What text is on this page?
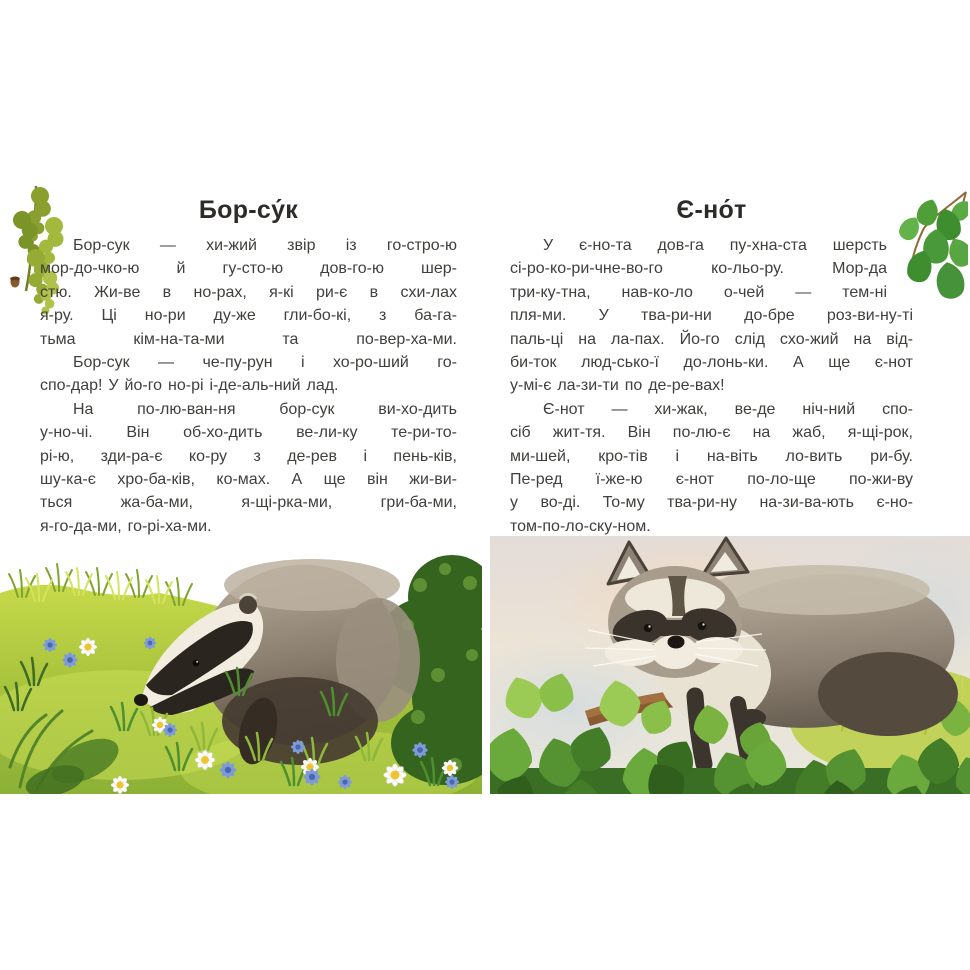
Бор-су́к
Бор-сук — хи-жий звір із го-стро-ю
мор-до-чко-ю й гу-сто-ю дов-го-ю шер-
стю. Жи-ве в но-рах, я-кі ри-є в схи-лах
я-ру. Ці но-ри ду-же гли-бо-кі, з ба-га-
тьма кім-на-та-ми та по-вер-ха-ми.
Бор-сук — че-пу-рун і хо-ро-ший го-
спо-дар! У йо-го но-рі і-де-аль-ний лад.
На по-лю-ван-ня бор-сук ви-хо-дить
у-но-чі. Він об-хо-дить ве-ли-ку те-ри-то-
рі-ю, зди-ра-є ко-ру з де-рев і пень-ків,
шу-ка-є хро-ба-ків, ко-мах. А ще він жи-ви-
ться жа-ба-ми, я-щі-рка-ми, гри-ба-ми,
я-го-да-ми, го-рі-ха-ми.
Є-но́т
У є-но-та дов-га пу-хна-ста шерсть
сі-ро-ко-ри-чне-во-го ко-льо-ру. Мор-да
три-ку-тна, нав-ко-ло о-чей — тем-ні
пля-ми. У тва-ри-ни до-бре роз-ви-ну-ті
паль-ці на ла-пах. Йо-го слід схо-жий на від-
би-ток люд-сько-ї до-лонь-ки. А ще є-нот
у-мі-є ла-зи-ти по де-ре-вах!
Є-нот — хи-жак, ве-де ніч-ний спо-
сіб жит-тя. Він по-лю-є на жаб, я-щі-рок,
ми-шей, кро-тів і на-віть ло-вить ри-бу.
Пе-ред ї-же-ю є-нот по-ло-ще по-жи-ву
у во-ді. То-му тва-ри-ну на-зи-ва-ють є-но-
том-по-ло-ску-ном.
